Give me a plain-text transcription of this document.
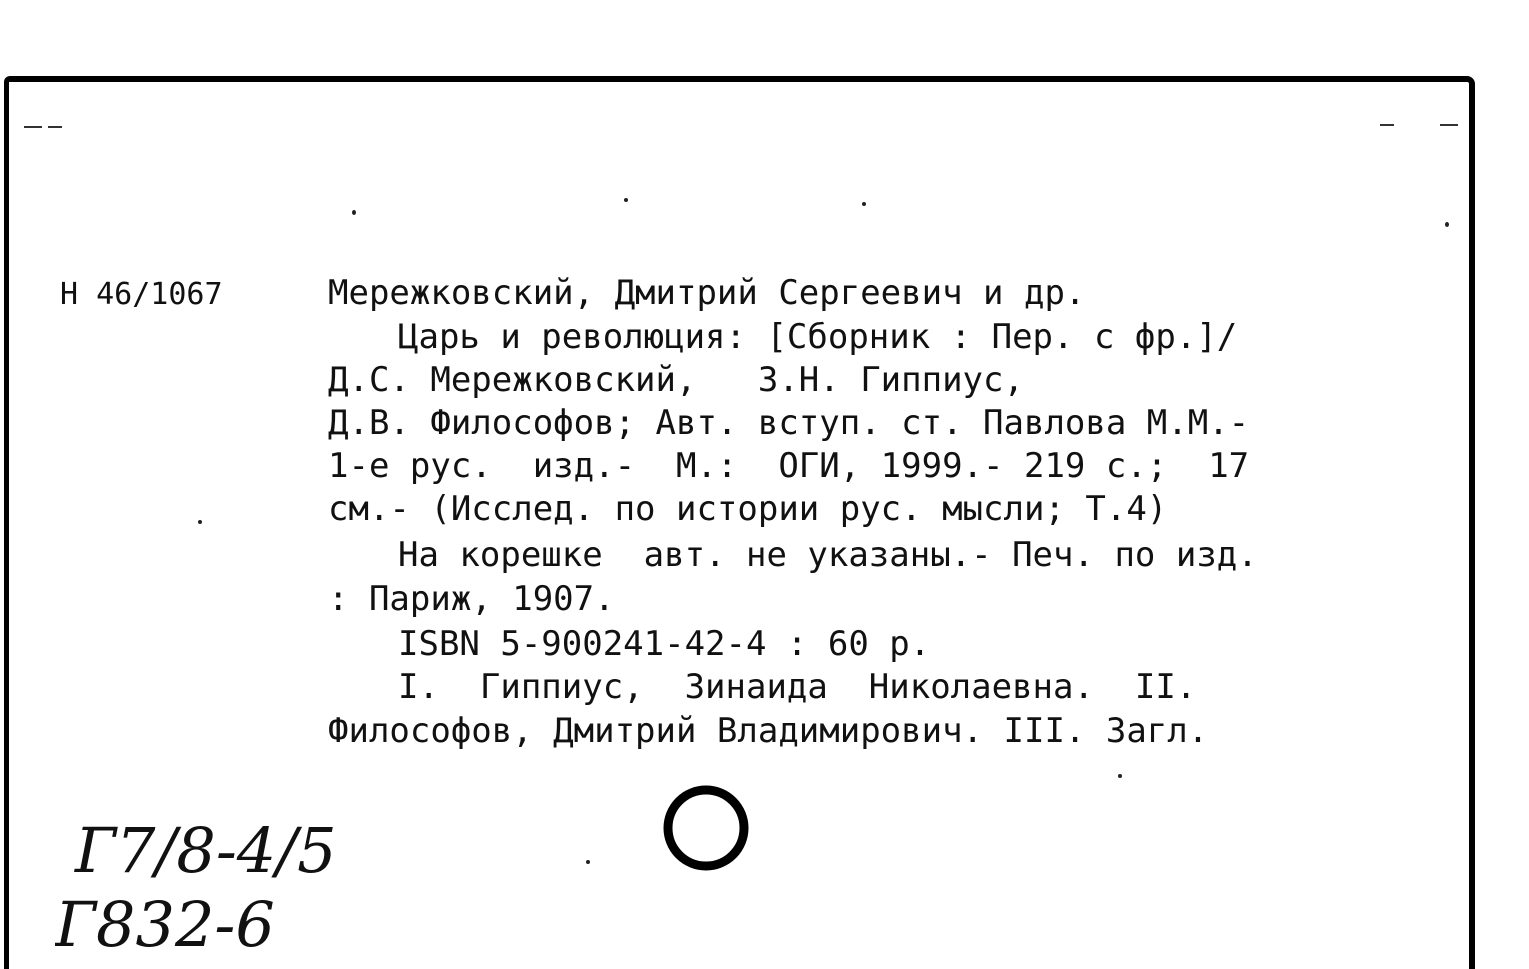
Н 46/1067	Мережковский, Дмитрий Сергеевич и др.
Царь и революция: [Сборник : Пер. с фр.]/
Д.С. Мережковский,   З.Н. Гиппиус,
Д.В. Философов; Авт. вступ. ст. Павлова М.М.-
1-е рус.  изд.-  М.:  ОГИ, 1999.- 219 с.;  17
см.- (Исслед. по истории рус. мысли; Т.4)
На корешке  авт. не указаны.- Печ. по изд.
: Париж, 1907.
ISBN 5-900241-42-4 : 60 р.
I.  Гиппиус,  Зинаида  Николаевна.  II.
Философов, Дмитрий Владимирович. III. Загл.
Г7/8-4/5
Г832-6
